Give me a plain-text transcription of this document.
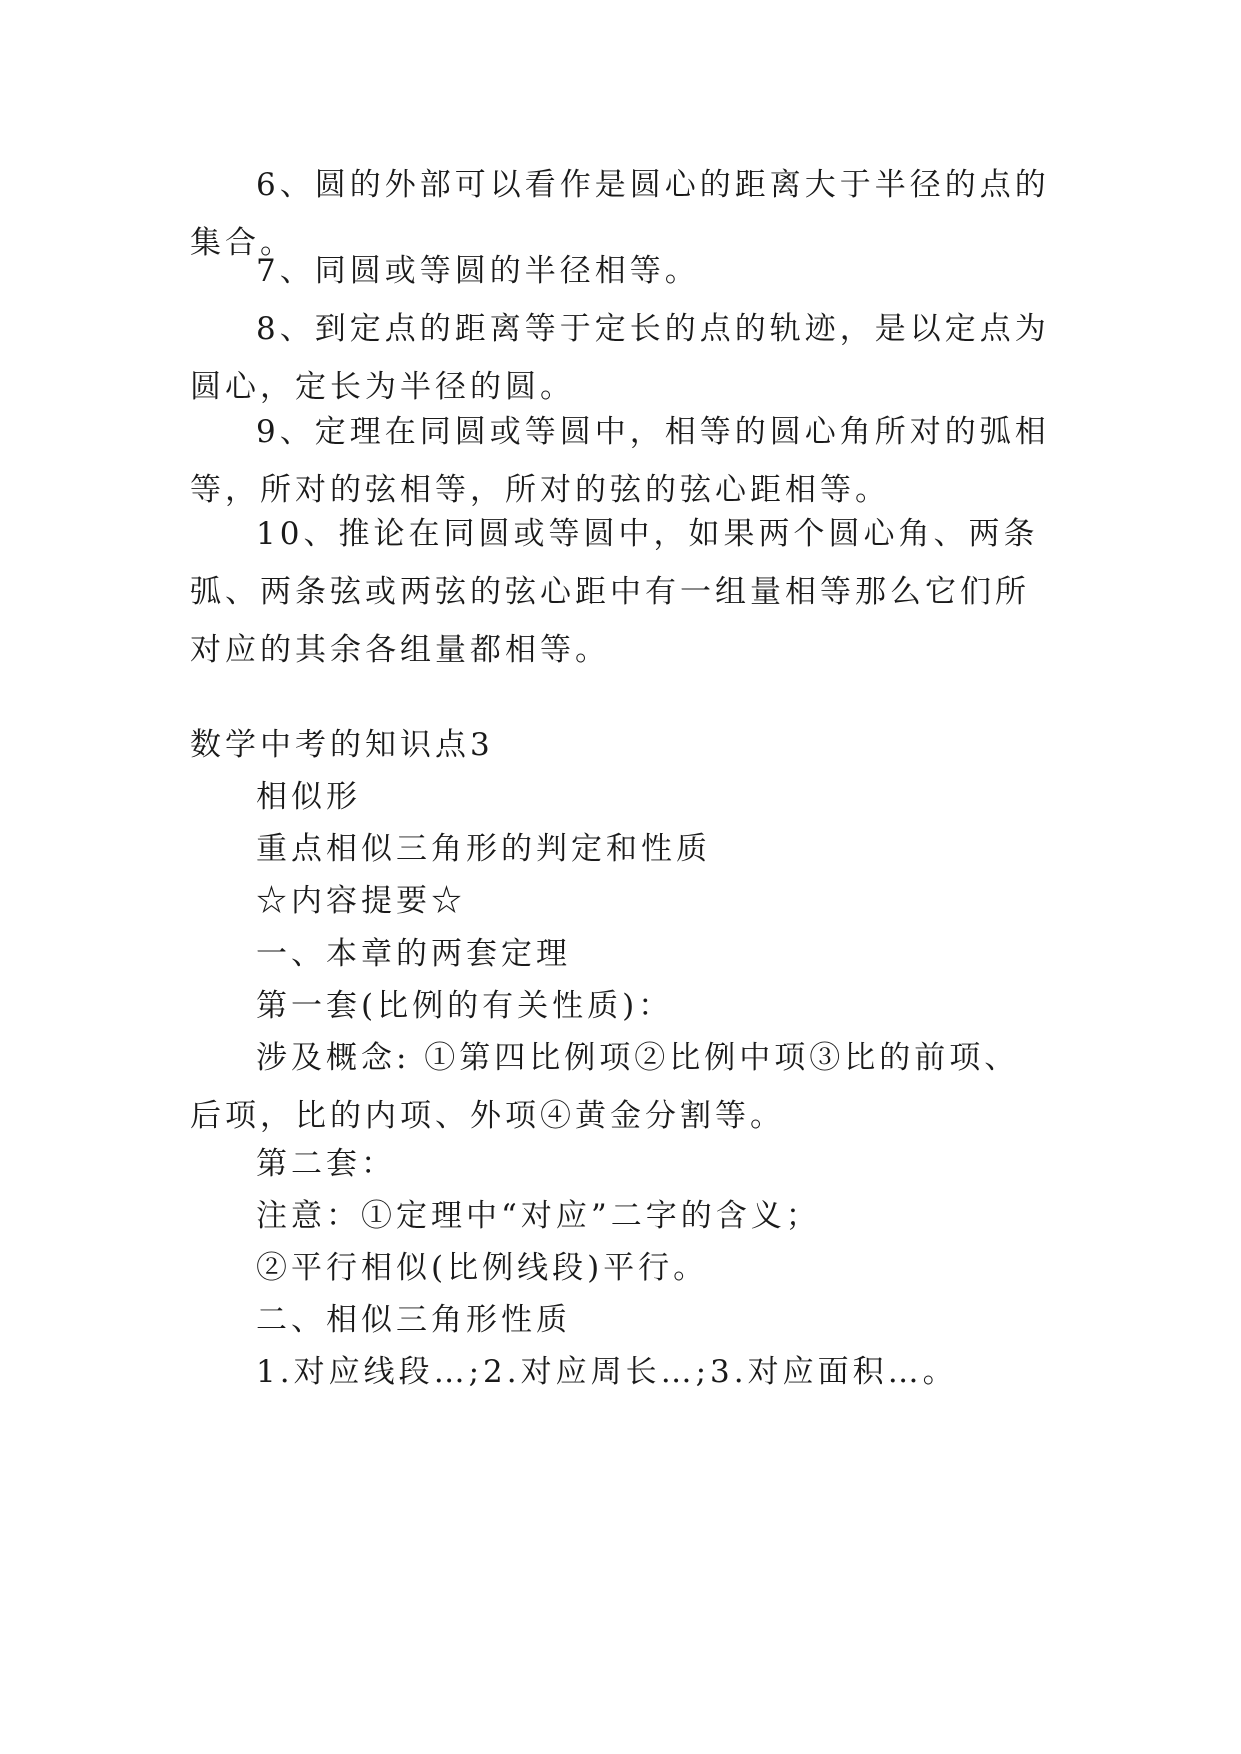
6、圆的外部可以看作是圆心的距离大于半径的点的集合。
7、同圆或等圆的半径相等。
8、到定点的距离等于定长的点的轨迹，是以定点为圆心，定长为半径的圆。
9、定理在同圆或等圆中，相等的圆心角所对的弧相等，所对的弦相等，所对的弦的弦心距相等。
10、推论在同圆或等圆中，如果两个圆心角、两条弧、两条弦或两弦的弦心距中有一组量相等那么它们所对应的其余各组量都相等。
数学中考的知识点3
相似形
重点相似三角形的判定和性质
☆内容提要☆
一、本章的两套定理
第一套(比例的有关性质)：
涉及概念: ①第四比例项②比例中项③比的前项、后项，比的内项、外项④黄金分割等。
第二套：
注意：①定理中“对应”二字的含义；
②平行相似(比例线段)平行。
二、相似三角形性质
1.对应线段…;2.对应周长…;3.对应面积…。
